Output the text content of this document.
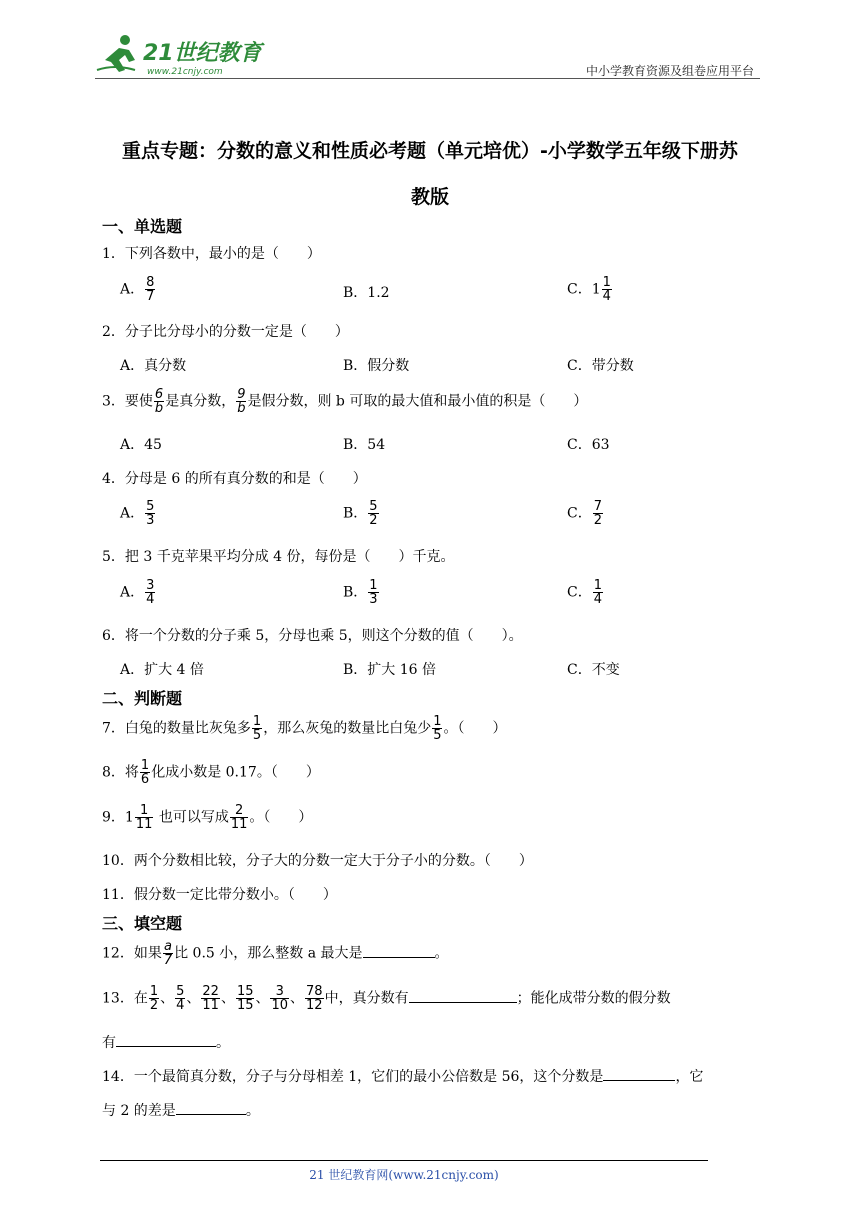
21世纪教育
www.21cnjy.com	中小学教育资源及组卷应用平台
重点专题：分数的意义和性质必考题（单元培优）-小学数学五年级下册苏
教版
一、单选题
1．下列各数中，最小的是（　　）
A． $\frac{8}{7}$	B．1.2	C．$1 \frac{1}{4}$
2．分子比分母小的分数一定是（　　）
A．真分数	B．假分数	C．带分数
3．要使 $\frac{6}{b}$ 是真分数， $\frac{9}{b}$ 是假分数，则 b 可取的最大值和最小值的积是（　　）
A．45	B．54	C．63
4．分母是 6 的所有真分数的和是（　　）
A． $\frac{5}{3}$	B． $\frac{5}{2}$	C． $\frac{7}{2}$
5．把 3 千克苹果平均分成 4 份，每份是（　　）千克。
A． $\frac{3}{4}$	B． $\frac{1}{3}$	C． $\frac{1}{4}$
6．将一个分数的分子乘 5，分母也乘 5，则这个分数的值（　　）。
A．扩大 4 倍	B．扩大 16 倍	C．不变
二、判断题
7．白兔的数量比灰兔多 $\frac{1}{5}$ ，那么灰兔的数量比白兔少 $\frac{1}{5}$ 。（　　）
8．将 $\frac{1}{6}$ 化成小数是 0.17。（　　）
9．$1 \frac{1}{11}$ 也可以写成 $\frac{2}{11}$ 。（　　）
10．两个分数相比较，分子大的分数一定大于分子小的分数。（　　）
11．假分数一定比带分数小。（　　）
三、填空题
12．如果 $\frac{a}{7}$ 比 0.5 小，那么整数 a 最大是	。
13．在 $\frac{1}{2}$ 、 $\frac{5}{4}$ 、 $\frac{22}{11}$ 、 $\frac{15}{15}$ 、 $\frac{3}{10}$ 、 $\frac{78}{12}$ 中，真分数有	；能化成带分数的假分数
有	。
14．一个最简真分数，分子与分母相差 1，它们的最小公倍数是 56，这个分数是	，它
与 2 的差是	。
21 世纪教育网(www.21cnjy.com)
